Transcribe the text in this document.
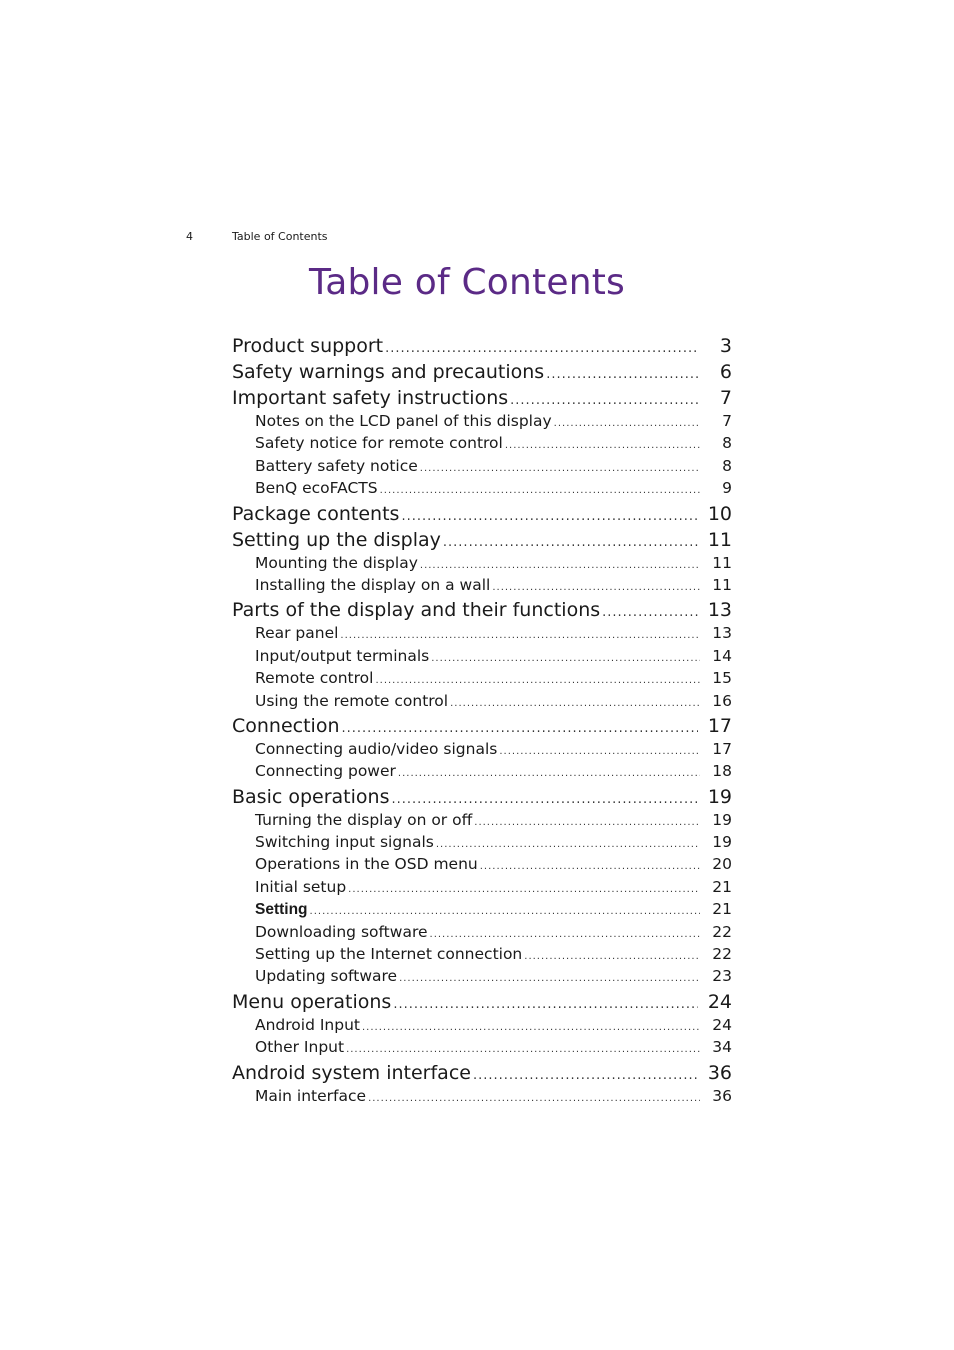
4	Table of Contents
Table of Contents
Product support .....	3
Safety warnings and precautions .....	6
Important safety instructions .....	7
Notes on the LCD panel of this display .....	7
Safety notice for remote control .....	8
Battery safety notice .....	8
BenQ ecoFACTS .....	9
Package contents .....	10
Setting up the display .....	11
Mounting the display .....	11
Installing the display on a wall .....	11
Parts of the display and their functions .....	13
Rear panel .....	13
Input/output terminals .....	14
Remote control .....	15
Using the remote control .....	16
Connection .....	17
Connecting audio/video signals .....	17
Connecting power .....	18
Basic operations .....	19
Turning the display on or off .....	19
Switching input signals .....	19
Operations in the OSD menu .....	20
Initial setup .....	21
Setting .....	21
Downloading software .....	22
Setting up the Internet connection .....	22
Updating software .....	23
Menu operations .....	24
Android Input .....	24
Other Input .....	34
Android system interface .....	36
Main interface .....	36
